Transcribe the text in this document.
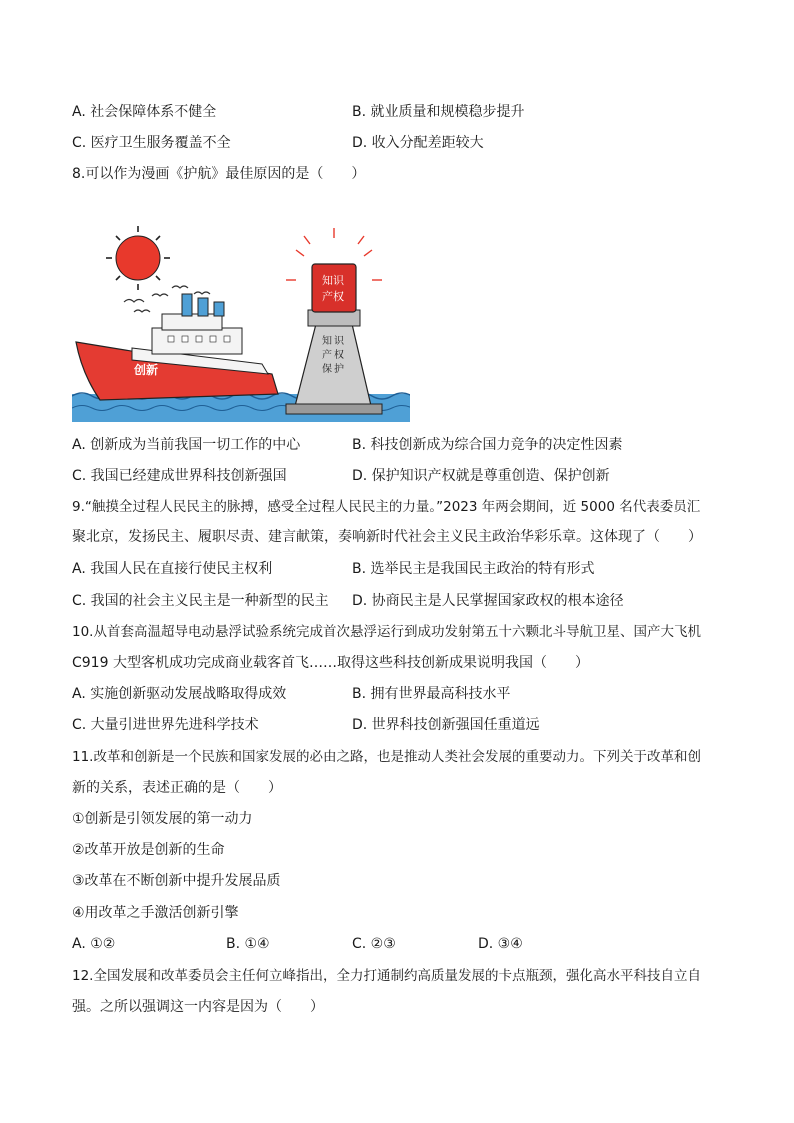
A. 社会保障体系不健全	B. 就业质量和规模稳步提升
C. 医疗卫生服务覆盖不全	D. 收入分配差距较大
8.可以作为漫画《护航》最佳原因的是（　　）
创新
知识
产权
知 识
产 权
保 护
A. 创新成为当前我国一切工作的中心	B. 科技创新成为综合国力竞争的决定性因素
C. 我国已经建成世界科技创新强国	D. 保护知识产权就是尊重创造、保护创新
9.“触摸全过程人民民主的脉搏，感受全过程人民民主的力量。”2023 年两会期间，近 5000 名代表委员汇
聚北京，发扬民主、履职尽责、建言献策，奏响新时代社会主义民主政治华彩乐章。这体现了（　　）
A. 我国人民在直接行使民主权利	B. 选举民主是我国民主政治的特有形式
C. 我国的社会主义民主是一种新型的民主 D. 协商民主是人民掌握国家政权的根本途径
10.从首套高温超导电动悬浮试验系统完成首次悬浮运行到成功发射第五十六颗北斗导航卫星、国产大飞机
C919 大型客机成功完成商业载客首飞……取得这些科技创新成果说明我国（　　）
A. 实施创新驱动发展战略取得成效	B. 拥有世界最高科技水平
C. 大量引进世界先进科学技术	D. 世界科技创新强国任重道远
11.改革和创新是一个民族和国家发展的必由之路，也是推动人类社会发展的重要动力。下列关于改革和创
新的关系，表述正确的是（　　）
①创新是引领发展的第一动力
②改革开放是创新的生命
③改革在不断创新中提升发展品质
④用改革之手激活创新引擎
A. ①②	B. ①④	C. ②③	D. ③④
12.全国发展和改革委员会主任何立峰指出，全力打通制约高质量发展的卡点瓶颈，强化高水平科技自立自
强。之所以强调这一内容是因为（　　）
